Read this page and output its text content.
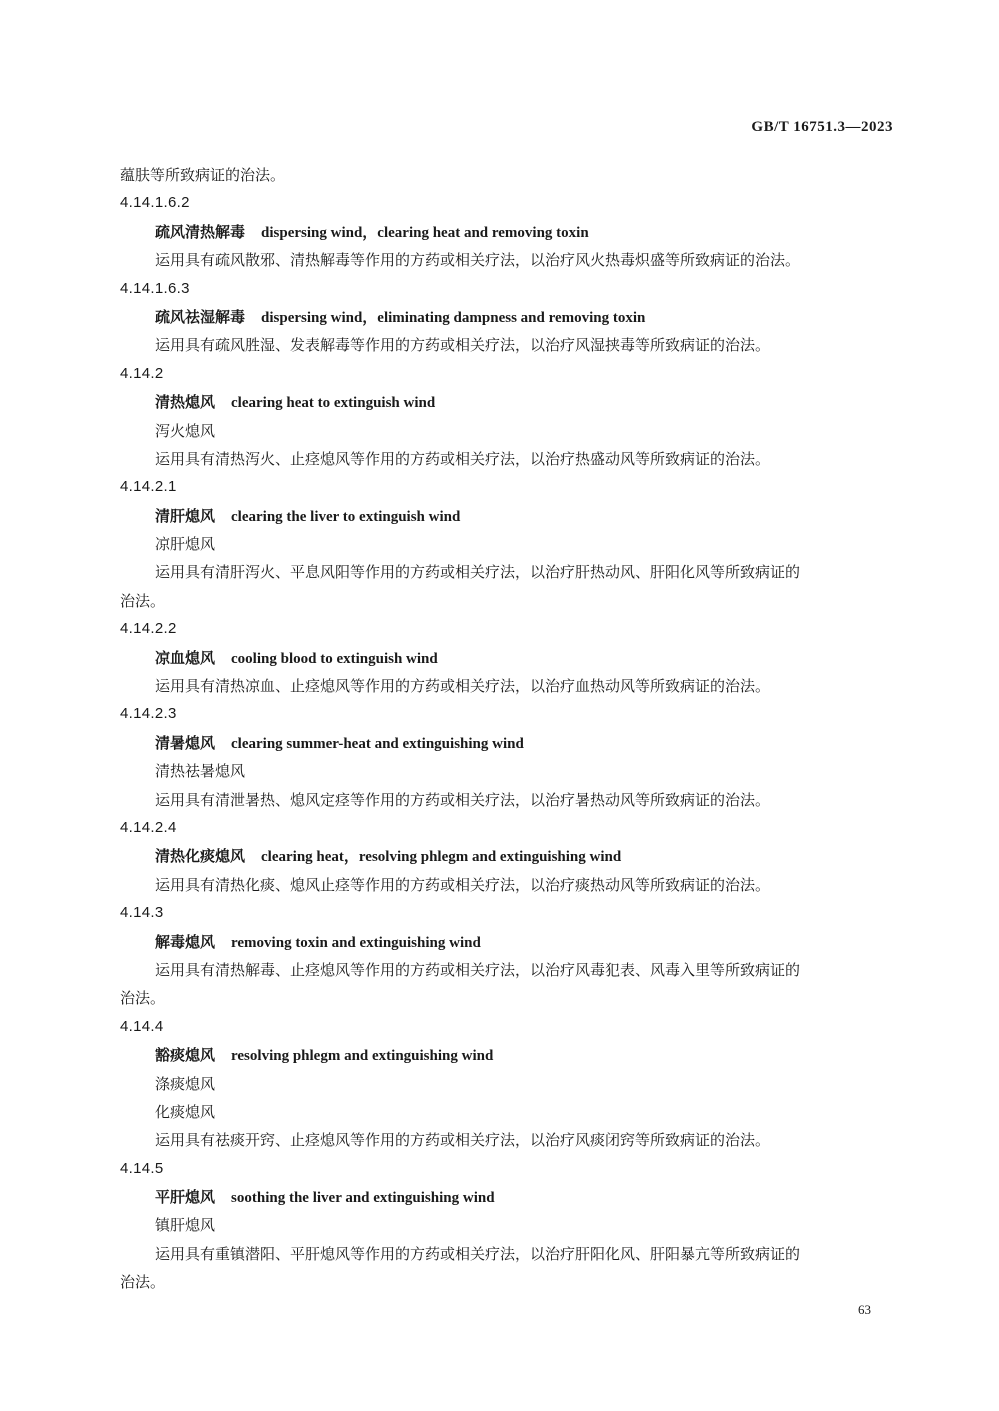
GB/T 16751.3—2023
蕴肤等所致病证的治法。
4.14.1.6.2
疏风清热解毒 dispersing wind，clearing heat and removing toxin
运用具有疏风散邪、清热解毒等作用的方药或相关疗法，以治疗风火热毒炽盛等所致病证的治法。
4.14.1.6.3
疏风祛湿解毒 dispersing wind，eliminating dampness and removing toxin
运用具有疏风胜湿、发表解毒等作用的方药或相关疗法，以治疗风湿挟毒等所致病证的治法。
4.14.2
清热熄风 clearing heat to extinguish wind
泻火熄风
运用具有清热泻火、止痉熄风等作用的方药或相关疗法，以治疗热盛动风等所致病证的治法。
4.14.2.1
清肝熄风 clearing the liver to extinguish wind
凉肝熄风
运用具有清肝泻火、平息风阳等作用的方药或相关疗法，以治疗肝热动风、肝阳化风等所致病证的
治法。
4.14.2.2
凉血熄风 cooling blood to extinguish wind
运用具有清热凉血、止痉熄风等作用的方药或相关疗法，以治疗血热动风等所致病证的治法。
4.14.2.3
清暑熄风 clearing summer-heat and extinguishing wind
清热祛暑熄风
运用具有清泄暑热、熄风定痉等作用的方药或相关疗法，以治疗暑热动风等所致病证的治法。
4.14.2.4
清热化痰熄风 clearing heat，resolving phlegm and extinguishing wind
运用具有清热化痰、熄风止痉等作用的方药或相关疗法，以治疗痰热动风等所致病证的治法。
4.14.3
解毒熄风 removing toxin and extinguishing wind
运用具有清热解毒、止痉熄风等作用的方药或相关疗法，以治疗风毒犯表、风毒入里等所致病证的
治法。
4.14.4
豁痰熄风 resolving phlegm and extinguishing wind
涤痰熄风
化痰熄风
运用具有祛痰开窍、止痉熄风等作用的方药或相关疗法，以治疗风痰闭窍等所致病证的治法。
4.14.5
平肝熄风 soothing the liver and extinguishing wind
镇肝熄风
运用具有重镇潜阳、平肝熄风等作用的方药或相关疗法，以治疗肝阳化风、肝阳暴亢等所致病证的
治法。
63
